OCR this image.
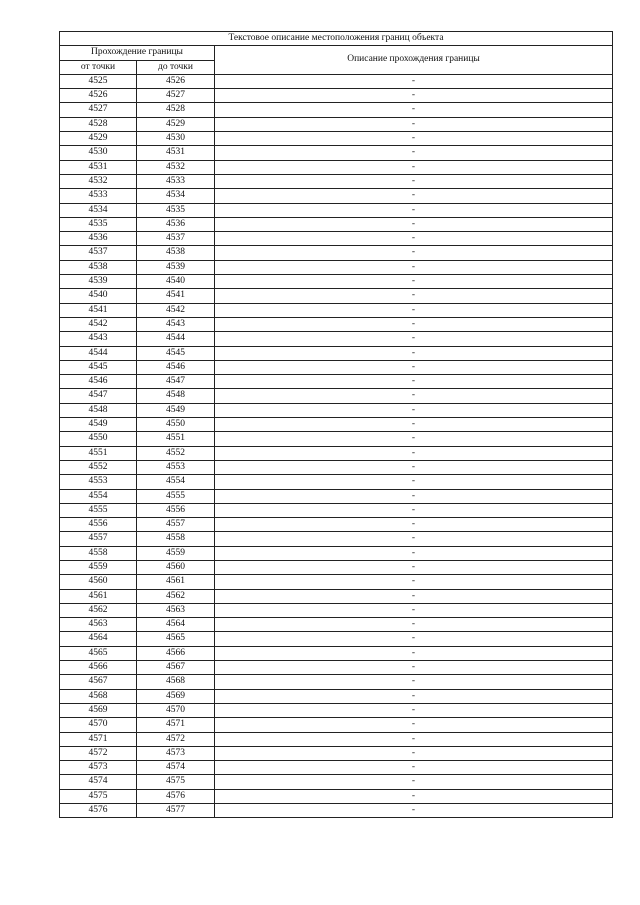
Текстовое описание местоположения границ объекта		
Прохождение границы		Описание прохождения границы
от точки	до точки	
4525	4526	-
4526	4527	-
4527	4528	-
4528	4529	-
4529	4530	-
4530	4531	-
4531	4532	-
4532	4533	-
4533	4534	-
4534	4535	-
4535	4536	-
4536	4537	-
4537	4538	-
4538	4539	-
4539	4540	-
4540	4541	-
4541	4542	-
4542	4543	-
4543	4544	-
4544	4545	-
4545	4546	-
4546	4547	-
4547	4548	-
4548	4549	-
4549	4550	-
4550	4551	-
4551	4552	-
4552	4553	-
4553	4554	-
4554	4555	-
4555	4556	-
4556	4557	-
4557	4558	-
4558	4559	-
4559	4560	-
4560	4561	-
4561	4562	-
4562	4563	-
4563	4564	-
4564	4565	-
4565	4566	-
4566	4567	-
4567	4568	-
4568	4569	-
4569	4570	-
4570	4571	-
4571	4572	-
4572	4573	-
4573	4574	-
4574	4575	-
4575	4576	-
4576	4577	-
